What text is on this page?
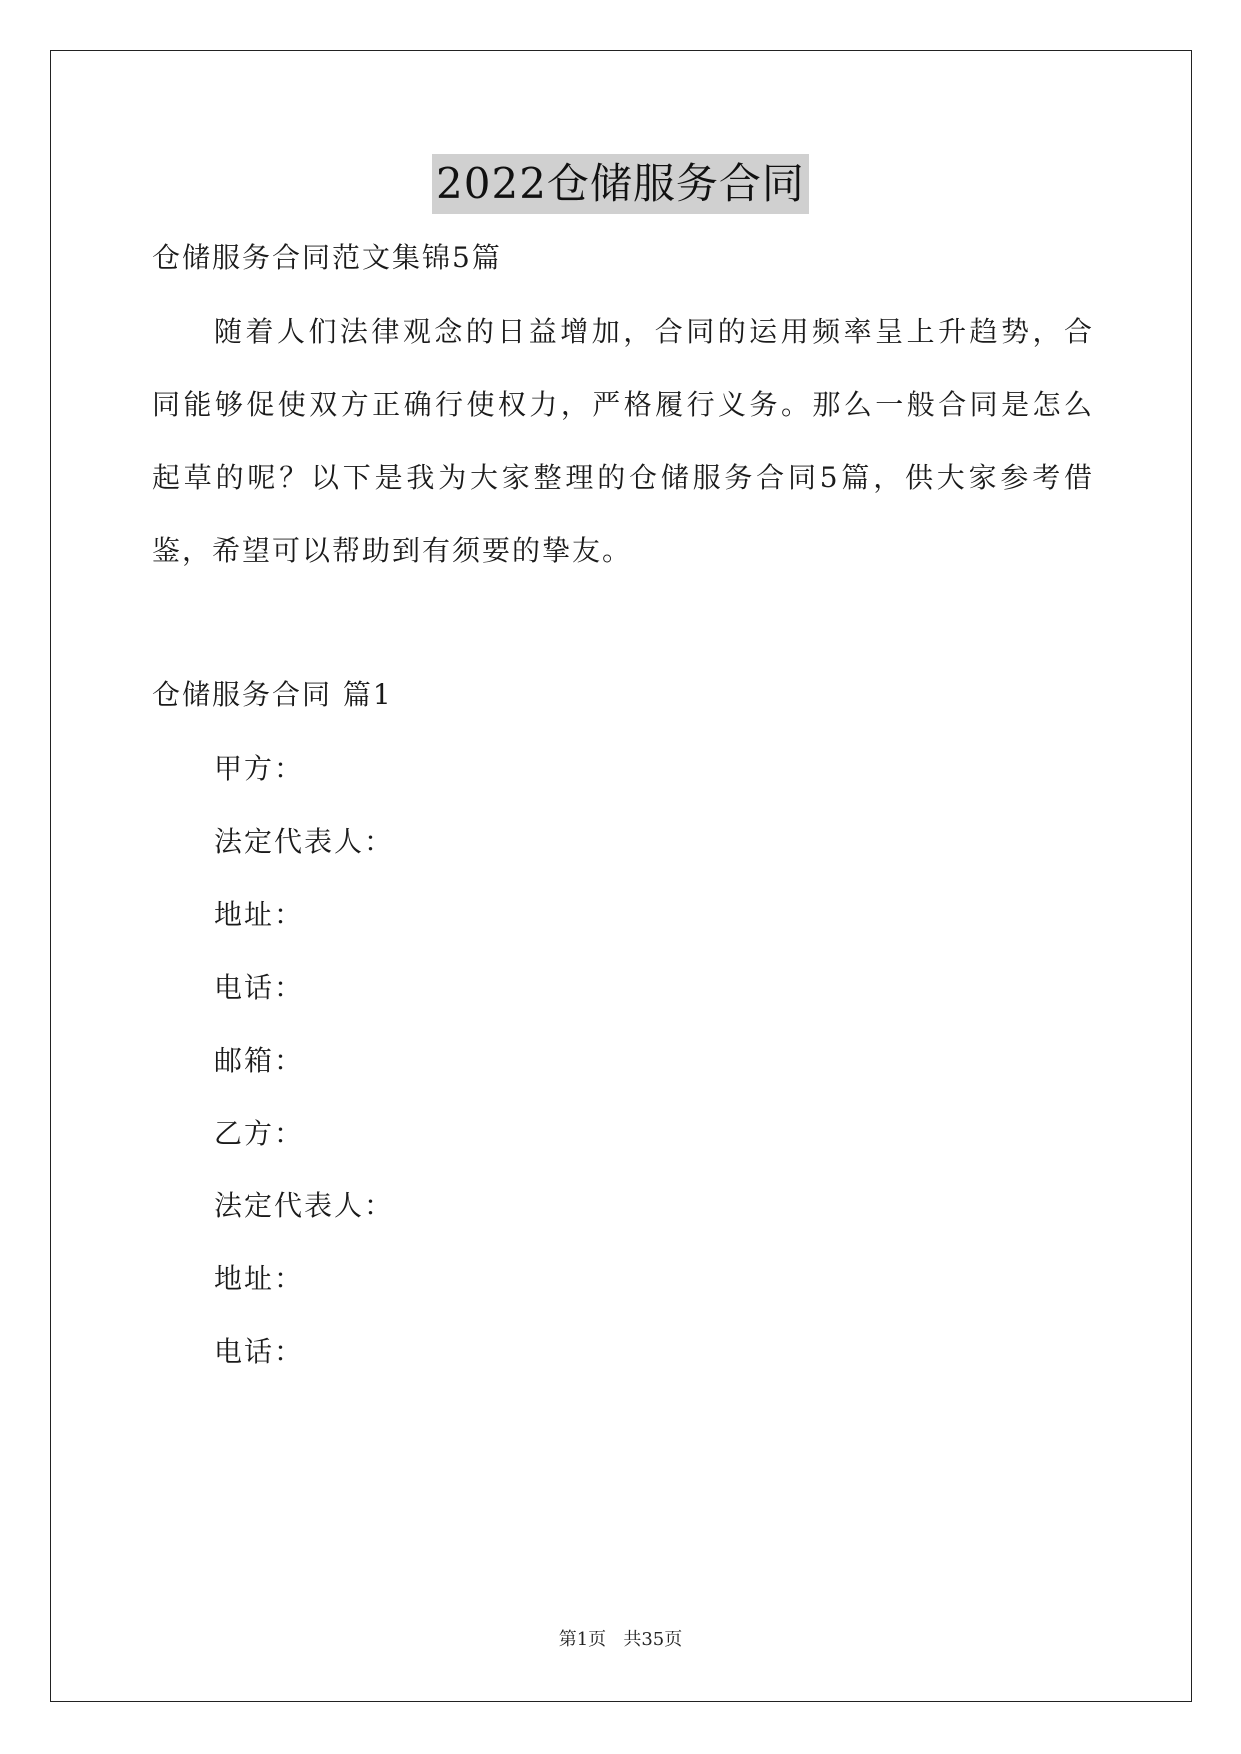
2022仓储服务合同
仓储服务合同范文集锦5篇
随着人们法律观念的日益增加，合同的运用频率呈上升趋势，合
同能够促使双方正确行使权力，严格履行义务。那么一般合同是怎么
起草的呢？以下是我为大家整理的仓储服务合同5篇，供大家参考借
鉴，希望可以帮助到有须要的挚友。
仓储服务合同 篇1
甲方：
法定代表人：
地址：
电话：
邮箱：
乙方：
法定代表人：
地址：
电话：
第1页   共35页
